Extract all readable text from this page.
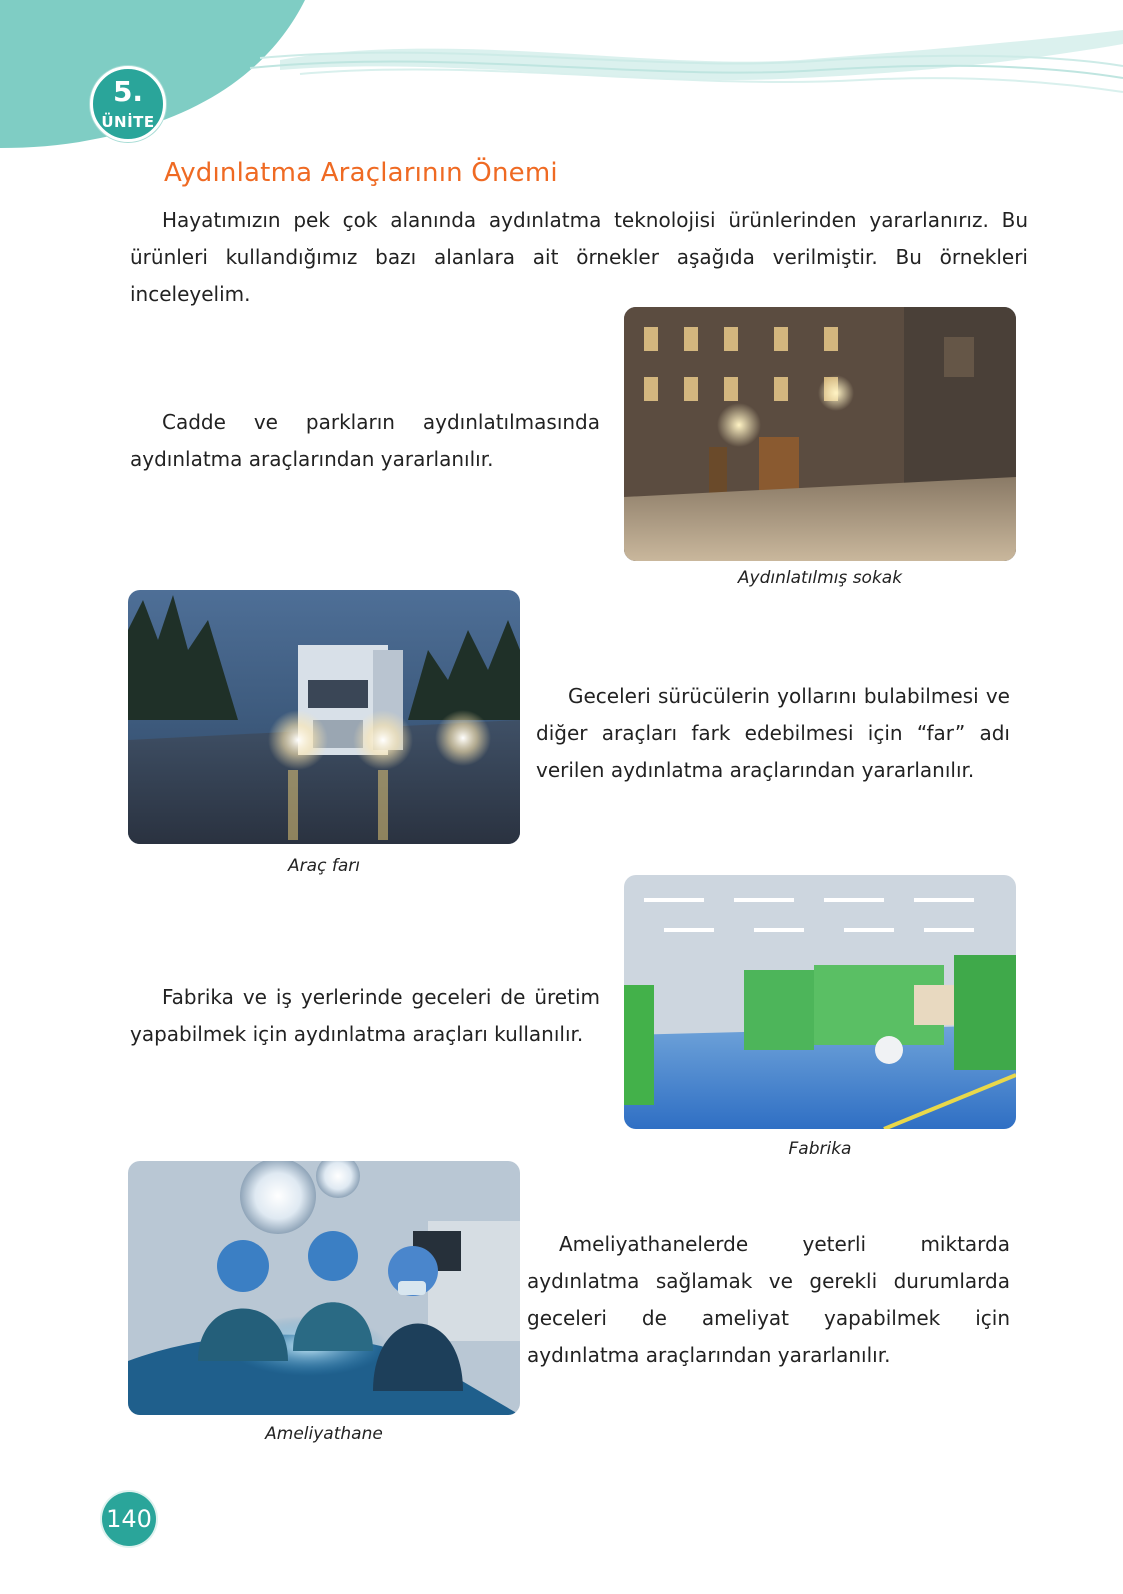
5.
ÜNİTE
Aydınlatma Araçlarının Önemi

Hayatımızın pek çok alanında aydınlatma teknolojisi ürünlerinden yararlanırız. Bu ürünleri kullandığımız bazı alanlara ait örnekler aşağıda verilmiştir. Bu örnekleri inceleyelim.

Cadde ve parkların aydınlatılmasında aydınlatma araçlarından yararlanılır.

Aydınlatılmış sokak
Araç farı

Geceleri sürücülerin yollarını bulabilmesi ve diğer araçları fark edebilmesi için “far” adı verilen aydınlatma araçlarından yararlanılır.

Fabrika ve iş yerlerinde geceleri de üretim yapabilmek için aydınlatma araçları kullanılır.

Fabrika
Ameliyathane

Ameliyathanelerde yeterli miktarda aydınlatma sağlamak ve gerekli durumlarda geceleri de ameliyat yapabilmek için aydınlatma araçlarından yararlanılır.

140
